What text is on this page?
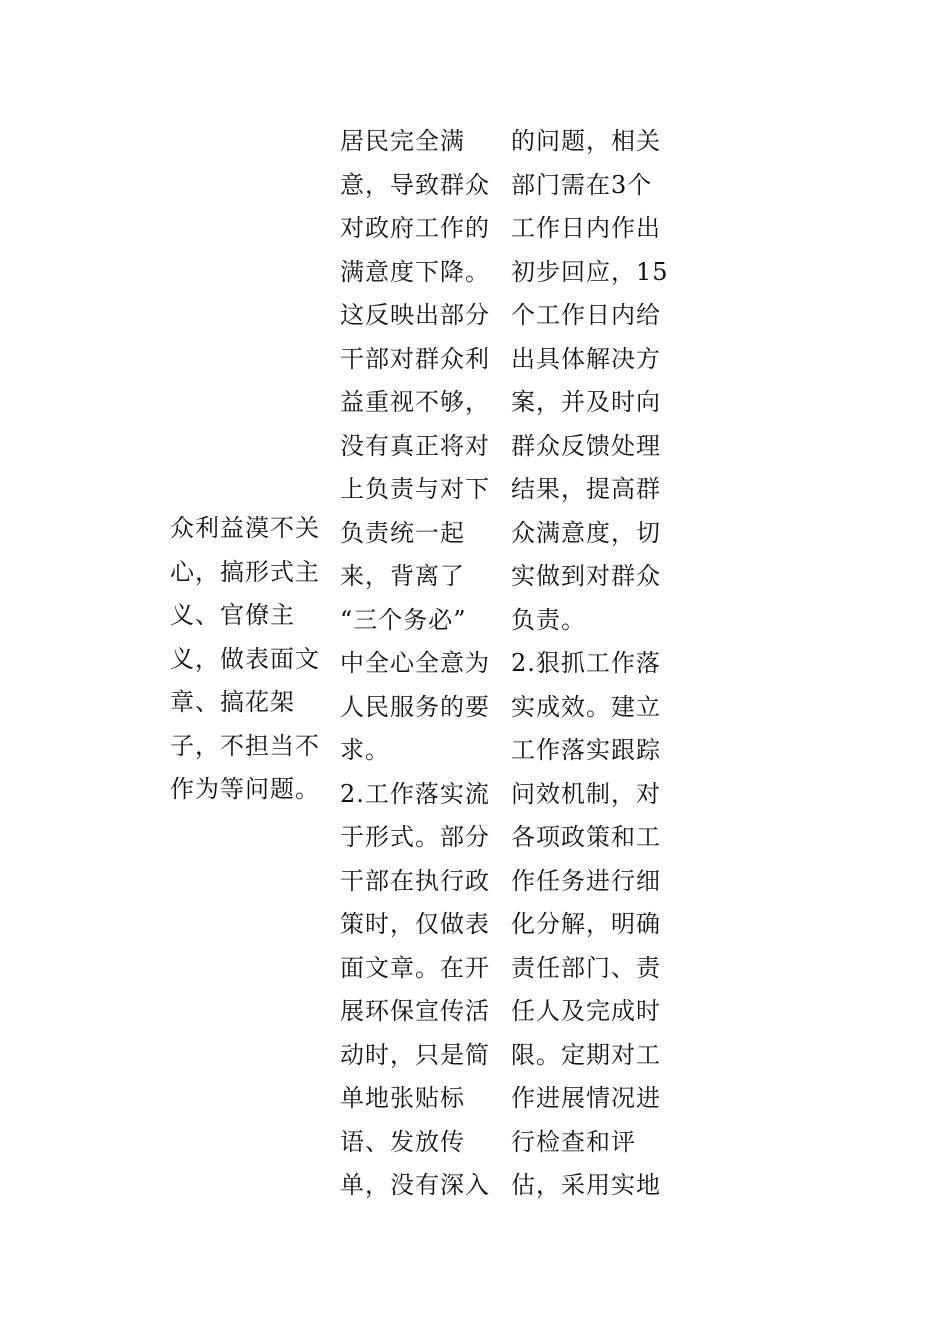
众利益漠不关
心，搞形式主
义、官僚主
义，做表面文
章、搞花架
子，不担当不
作为等问题。
居民完全满
意，导致群众
对政府工作的
满意度下降。
这反映出部分
干部对群众利
益重视不够，
没有真正将对
上负责与对下
负责统一起
来，背离了
“三个务必”
中全心全意为
人民服务的要
求。
2.工作落实流
于形式。部分
干部在执行政
策时，仅做表
面文章。在开
展环保宣传活
动时，只是简
单地张贴标
语、发放传
单，没有深入
的问题，相关
部门需在3个
工作日内作出
初步回应，15
个工作日内给
出具体解决方
案，并及时向
群众反馈处理
结果，提高群
众满意度，切
实做到对群众
负责。
2.狠抓工作落
实成效。建立
工作落实跟踪
问效机制，对
各项政策和工
作任务进行细
化分解，明确
责任部门、责
任人及完成时
限。定期对工
作进展情况进
行检查和评
估，采用实地
